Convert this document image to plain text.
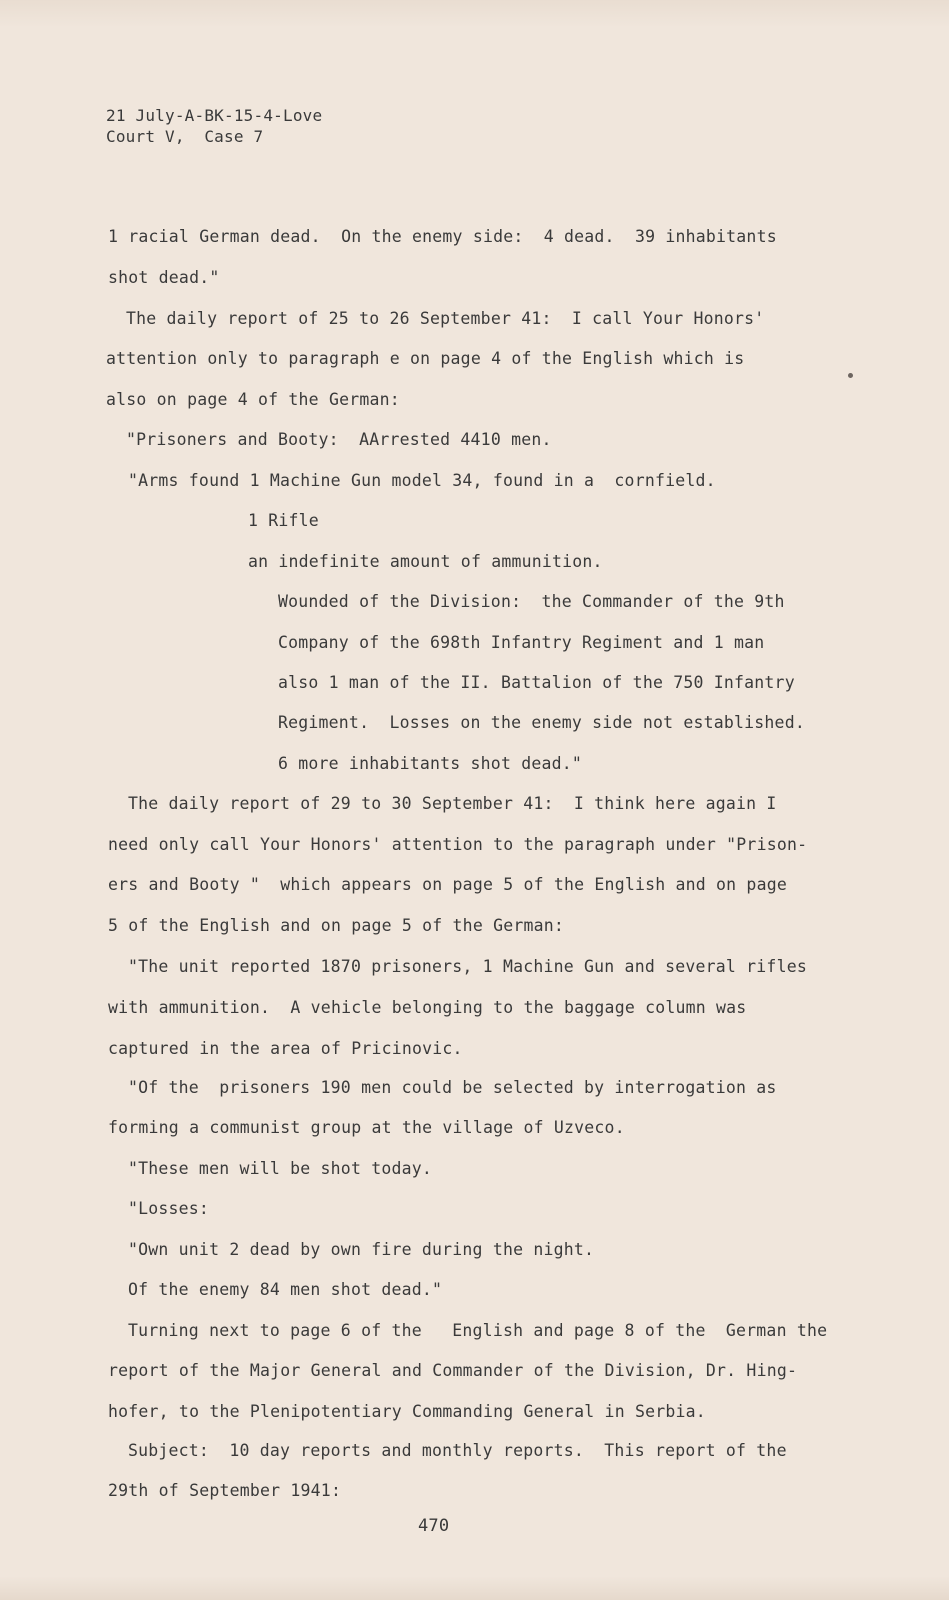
21 July-A-BK-15-4-Love
Court V,  Case 7
1 racial German dead.  On the enemy side:  4 dead.  39 inhabitants
shot dead."
The daily report of 25 to 26 September 41:  I call Your Honors'
attention only to paragraph e on page 4 of the English which is
also on page 4 of the German:
"Prisoners and Booty:  AArrested 4410 men.
"Arms found 1 Machine Gun model 34, found in a  cornfield.
1 Rifle
an indefinite amount of ammunition.
Wounded of the Division:  the Commander of the 9th
Company of the 698th Infantry Regiment and 1 man
also 1 man of the II. Battalion of the 750 Infantry
Regiment.  Losses on the enemy side not established.
6 more inhabitants shot dead."
The daily report of 29 to 30 September 41:  I think here again I
need only call Your Honors' attention to the paragraph under "Prison-
ers and Booty "  which appears on page 5 of the English and on page
5 of the English and on page 5 of the German:
"The unit reported 1870 prisoners, 1 Machine Gun and several rifles
with ammunition.  A vehicle belonging to the baggage column was
captured in the area of Pricinovic.
"Of the  prisoners 190 men could be selected by interrogation as
forming a communist group at the village of Uzveco.
"These men will be shot today.
"Losses:
"Own unit 2 dead by own fire during the night.
Of the enemy 84 men shot dead."
Turning next to page 6 of the   English and page 8 of the  German the
report of the Major General and Commander of the Division, Dr. Hing-
hofer, to the Plenipotentiary Commanding General in Serbia.
Subject:  10 day reports and monthly reports.  This report of the
29th of September 1941:
470
